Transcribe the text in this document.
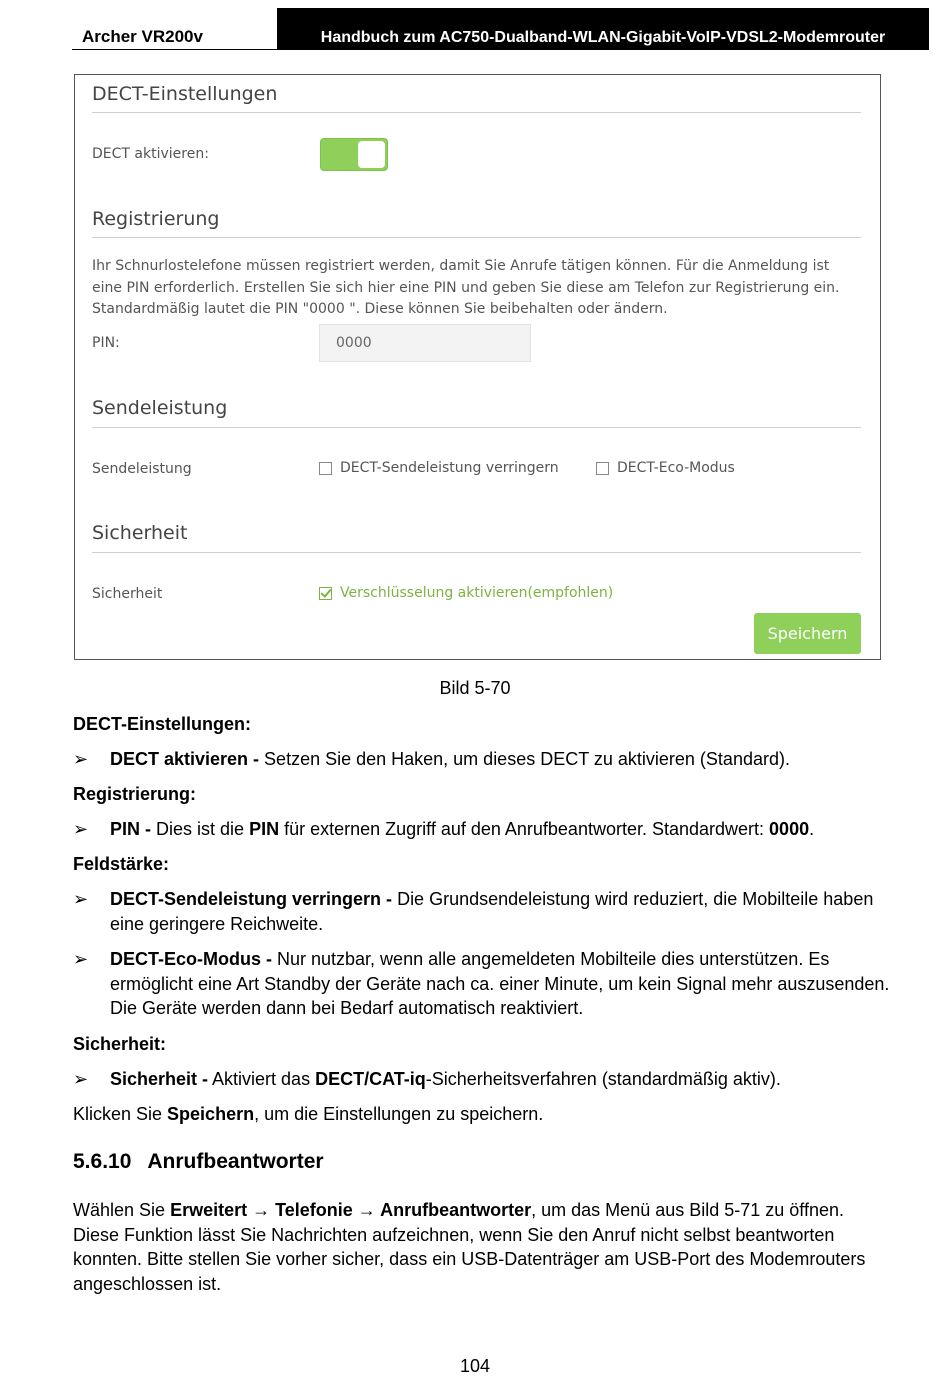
Archer VR200v	Handbuch zum AC750-Dualband-WLAN-Gigabit-VoIP-VDSL2-Modemrouter
DECT-Einstellungen
DECT aktivieren:
Registrierung
Ihr Schnurlostelefone müssen registriert werden, damit Sie Anrufe tätigen können. Für die Anmeldung ist eine PIN erforderlich. Erstellen Sie sich hier eine PIN und geben Sie diese am Telefon zur Registrierung ein. Standardmäßig lautet die PIN "0000 ". Diese können Sie beibehalten oder ändern.
PIN:
0000
Sendeleistung
Sendeleistung	DECT-Sendeleistung verringern	DECT-Eco-Modus
Sicherheit
Sicherheit	Verschlüsselung aktivieren(empfohlen)
Speichern
Bild 5-70
DECT-Einstellungen:
➢ DECT aktivieren - Setzen Sie den Haken, um dieses DECT zu aktivieren (Standard).
Registrierung:
➢ PIN - Dies ist die PIN für externen Zugriff auf den Anrufbeantworter. Standardwert: 0000.
Feldstärke:
➢ DECT-Sendeleistung verringern - Die Grundsendeleistung wird reduziert, die Mobilteile haben eine geringere Reichweite.
➢ DECT-Eco-Modus - Nur nutzbar, wenn alle angemeldeten Mobilteile dies unterstützen. Es ermöglicht eine Art Standby der Geräte nach ca. einer Minute, um kein Signal mehr auszusenden. Die Geräte werden dann bei Bedarf automatisch reaktiviert.
Sicherheit:
➢ Sicherheit - Aktiviert das DECT/CAT-iq-Sicherheitsverfahren (standardmäßig aktiv).
Klicken Sie Speichern, um die Einstellungen zu speichern.
5.6.10 Anrufbeantworter
Wählen Sie Erweitert → Telefonie → Anrufbeantworter, um das Menü aus Bild 5-71 zu öffnen. Diese Funktion lässt Sie Nachrichten aufzeichnen, wenn Sie den Anruf nicht selbst beantworten konnten. Bitte stellen Sie vorher sicher, dass ein USB-Datenträger am USB-Port des Modemrouters angeschlossen ist.
104
